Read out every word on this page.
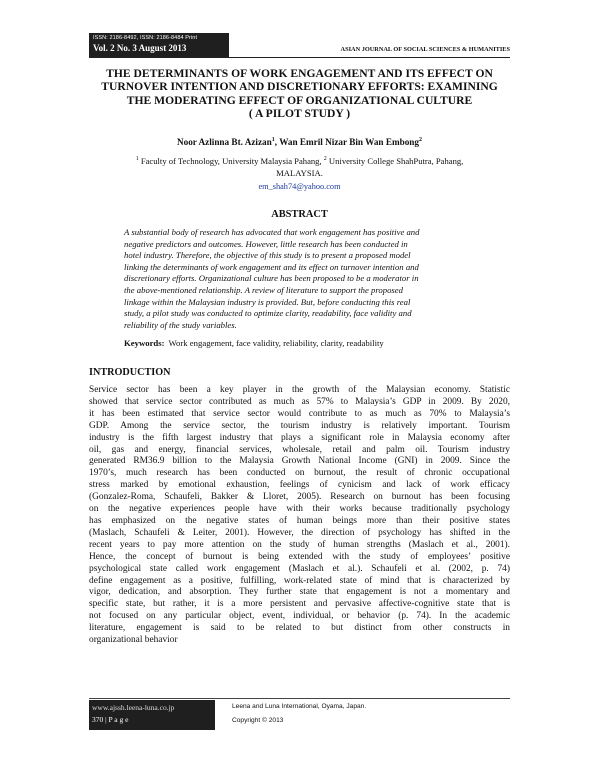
ISSN: 2186-8492, ISSN: 2186-8484 Print
Vol. 2 No. 3 August 2013	ASIAN JOURNAL OF SOCIAL SCIENCES & HUMANITIES
THE DETERMINANTS OF WORK ENGAGEMENT AND ITS EFFECT ON
TURNOVER INTENTION AND DISCRETIONARY EFFORTS: EXAMINING
THE MODERATING EFFECT OF ORGANIZATIONAL CULTURE
( A PILOT STUDY )
Noor Azlinna Bt. Azizan$^1$, Wan Emril Nizar Bin Wan Embong$^2$
$^1$ Faculty of Technology, University Malaysia Pahang, $^2$ University College ShahPutra, Pahang,
MALAYSIA.
em_shah74@yahoo.com
ABSTRACT
A substantial body of research has advocated that work engagement has positive and
negative predictors and outcomes. However, little research has been conducted in
hotel industry. Therefore, the objective of this study is to present a proposed model
linking the determinants of work engagement and its effect on turnover intention and
discretionary efforts. Organizational culture has been proposed to be a moderator in
the above-mentioned relationship. A review of literature to support the proposed
linkage within the Malaysian industry is provided. But, before conducting this real
study, a pilot study was conducted to optimize clarity, readability, face validity and
reliability of the study variables.
Keywords: Work engagement, face validity, reliability, clarity, readability
INTRODUCTION
Service sector has been a key player in the growth of the Malaysian economy. Statistic
showed that service sector contributed as much as 57% to Malaysia’s GDP in 2009. By 2020,
it has been estimated that service sector would contribute to as much as 70% to Malaysia’s
GDP. Among the service sector, the tourism industry is relatively important. Tourism
industry is the fifth largest industry that plays a significant role in Malaysia economy after
oil, gas and energy, financial services, wholesale, retail and palm oil. Tourism industry
generated RM36.9 billion to the Malaysia Growth National Income (GNI) in 2009. Since the
1970’s, much research has been conducted on burnout, the result of chronic occupational
stress marked by emotional exhaustion, feelings of cynicism and lack of work efficacy
(Gonzalez-Roma, Schaufeli, Bakker & Lloret, 2005). Research on burnout has been focusing
on the negative experiences people have with their works because traditionally psychology
has emphasized on the negative states of human beings more than their positive states
(Maslach, Schaufeli & Leiter, 2001). However, the direction of psychology has shifted in the
recent years to pay more attention on the study of human strengths (Maslach et al., 2001).
Hence, the concept of burnout is being extended with the study of employees’ positive
psychological state called work engagement (Maslach et al.). Schaufeli et al. (2002, p. 74)
define engagement as a positive, fulfilling, work-related state of mind that is characterized by
vigor, dedication, and absorption. They further state that engagement is not a momentary and
specific state, but rather, it is a more persistent and pervasive affective-cognitive state that is
not focused on any particular object, event, individual, or behavior (p. 74). In the academic
literature, engagement is said to be related to but distinct from other constructs in
organizational behavior
www.ajssh.leena-luna.co.jp
370 | P a g e
Leena and Luna International, Oyama, Japan.
Copyright © 2013
